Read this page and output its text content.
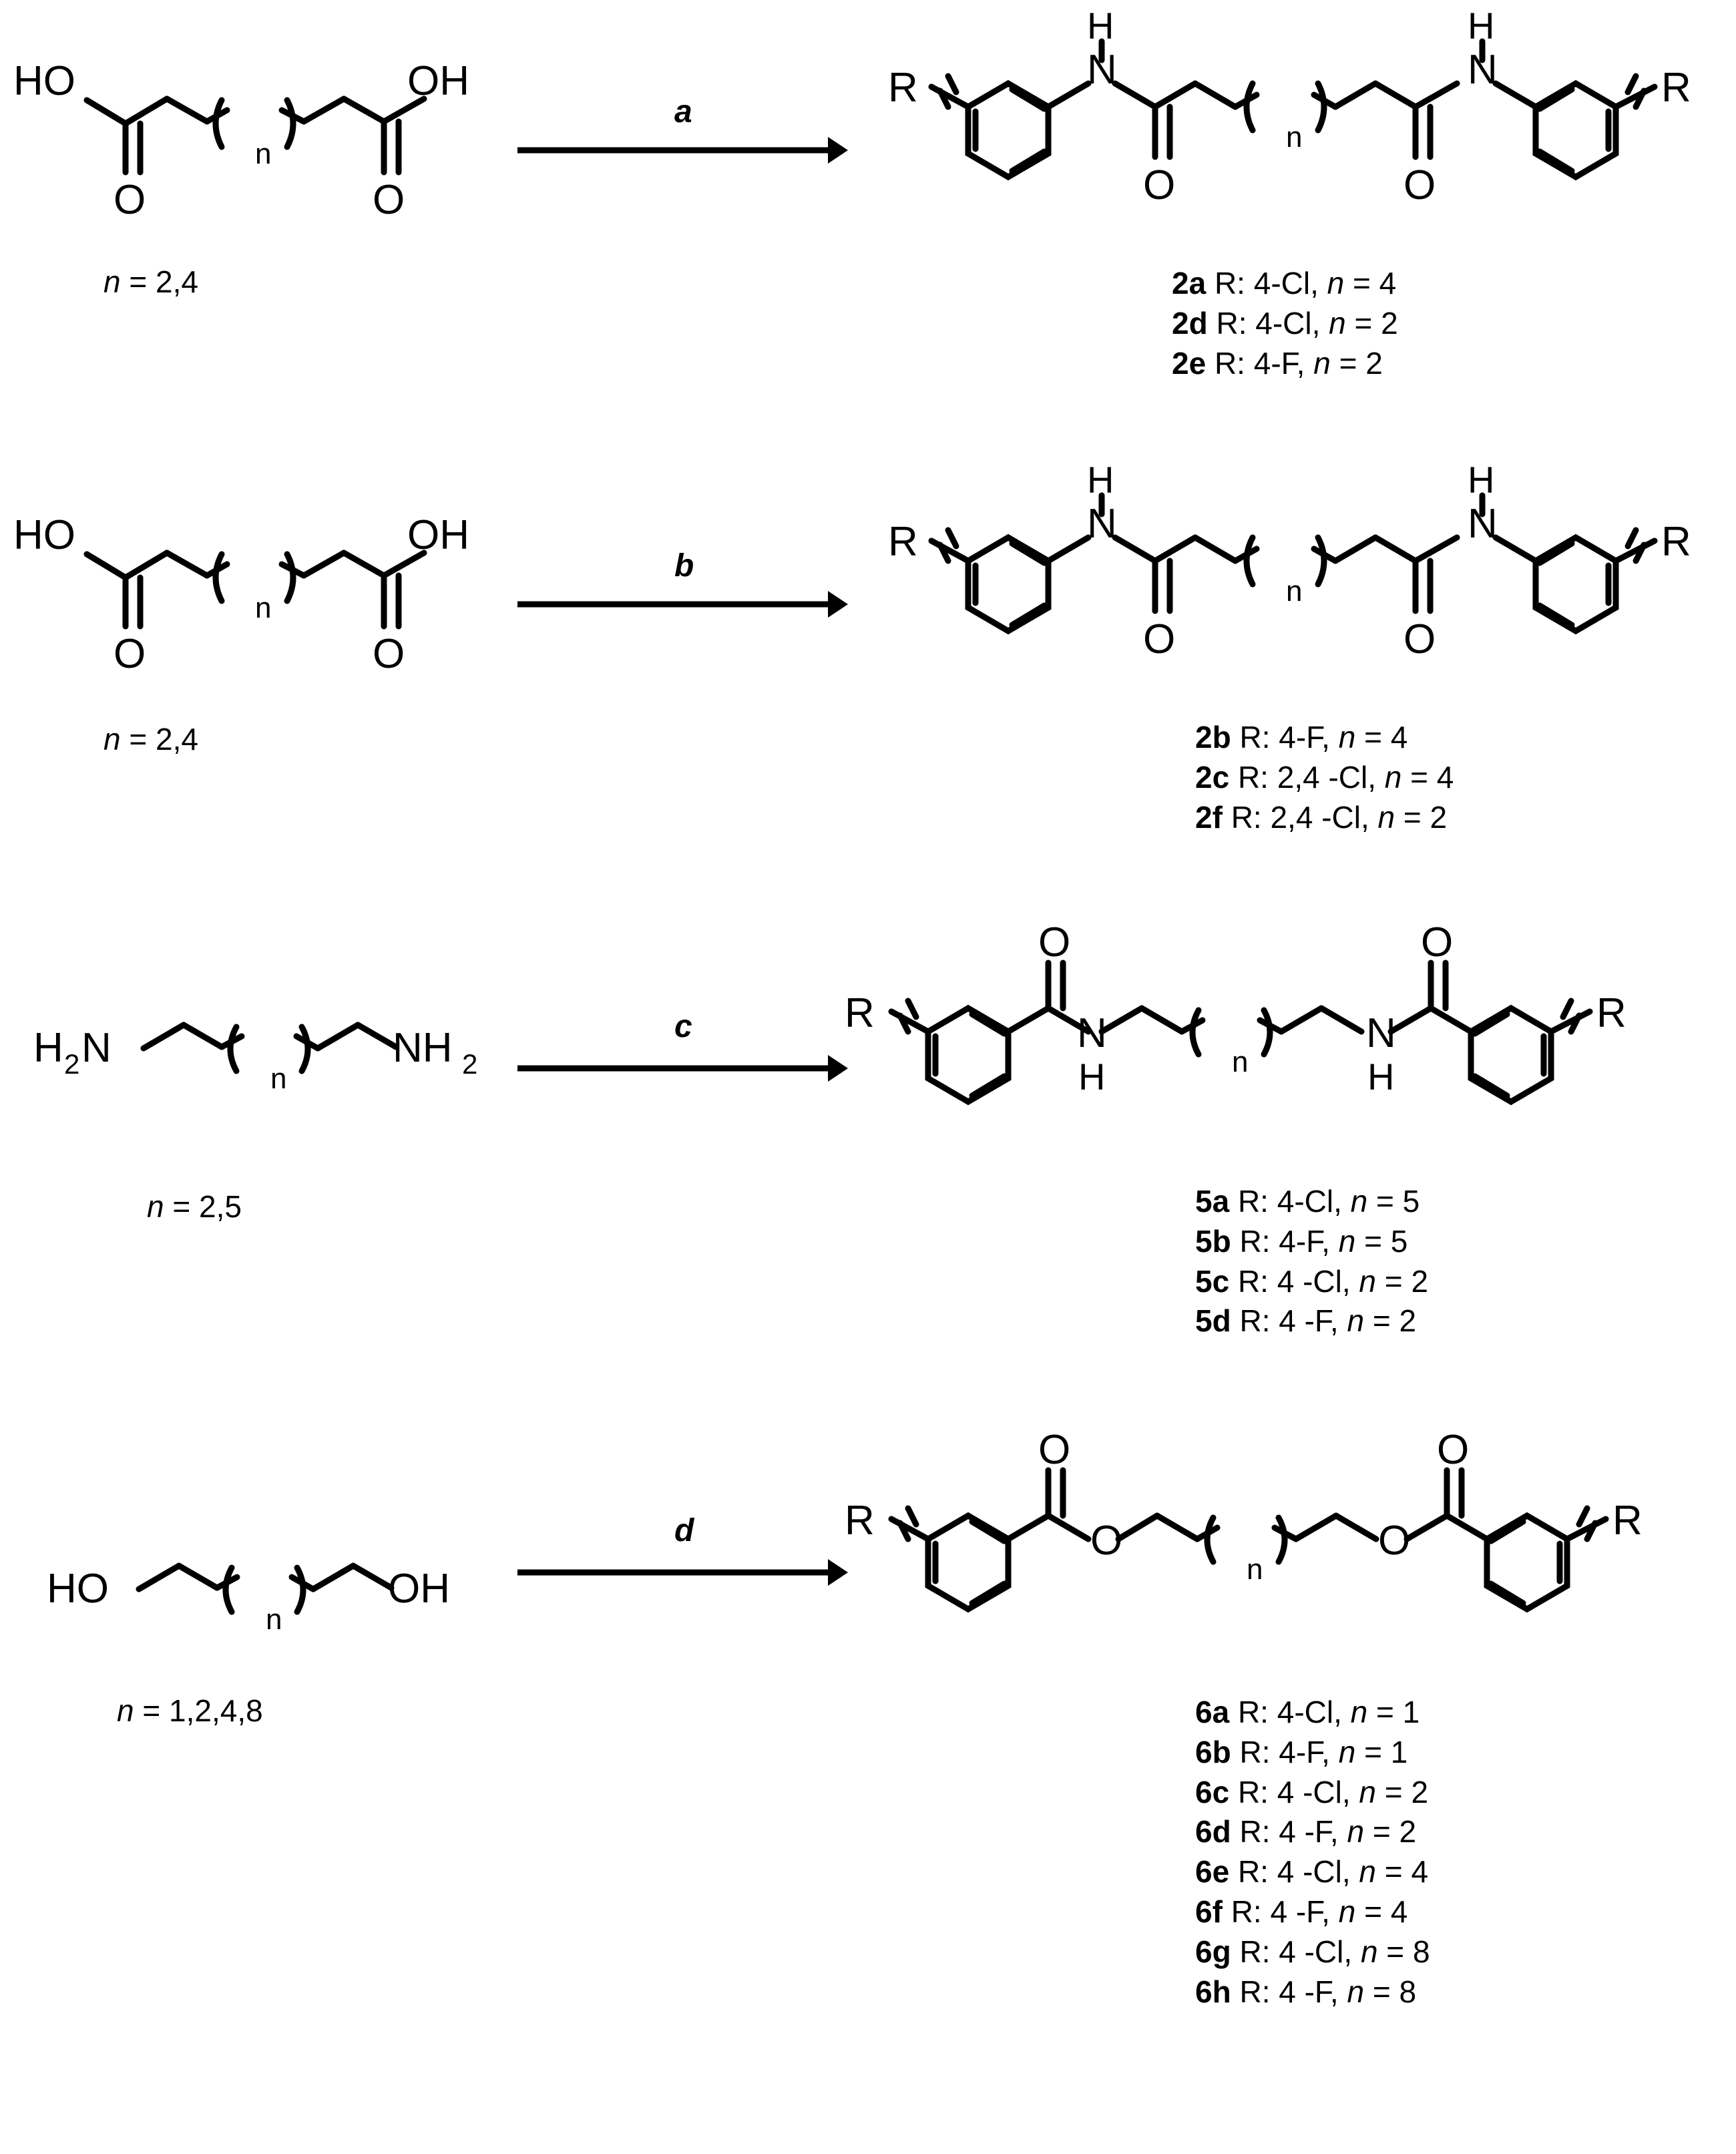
HO	OH
O	O
n
n = 2,4
a
R	R
N
H
N
H
O	O
n
2a R: 4-Cl, n = 4
2d R: 4-Cl, n = 2
2e R: 4-F, n = 2
HO	OH
O	O
n
n = 2,4
b
R	R
N
H
N
H
O	O
n
2b R: 4-F, n = 4
2c R: 2,4 -Cl, n = 4
2f R: 2,4 -Cl, n = 2
H 2 N	NH 2
n
n = 2,5
c	R	R
O	O
N
H
N
H
n
5a R: 4-Cl, n = 5
5b R: 4-F, n = 5
5c R: 4 -Cl, n = 2
5d R: 4 -F, n = 2
HO	OH
n
n = 1,2,4,8
d	R	R
O	O
O	O
n
6a R: 4-Cl, n = 1
6b R: 4-F, n = 1
6c R: 4 -Cl, n = 2
6d R: 4 -F, n = 2
6e R: 4 -Cl, n = 4
6f R: 4 -F, n = 4
6g R: 4 -Cl, n = 8
6h R: 4 -F, n = 8
